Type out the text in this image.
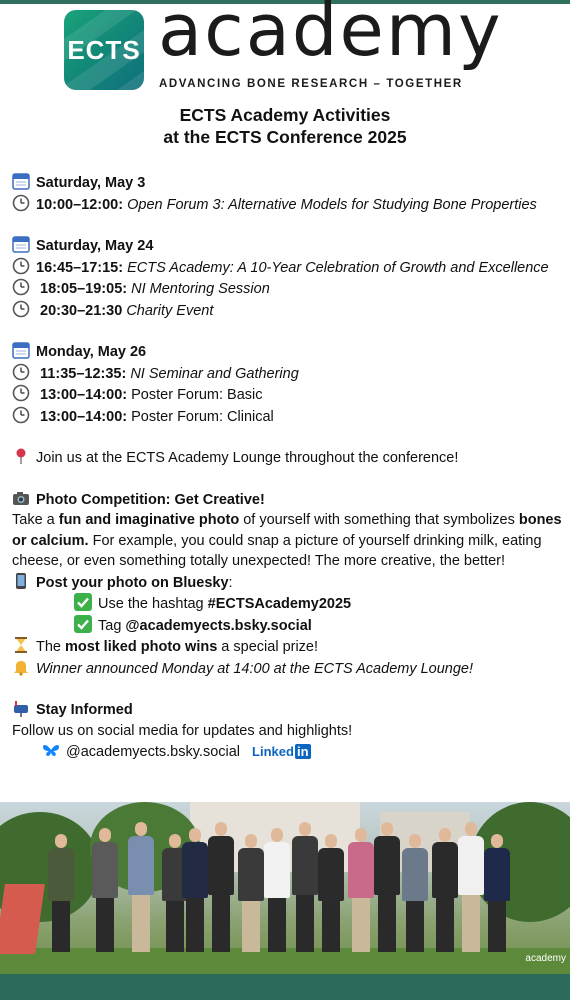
ECTS academy
ADVANCING BONE RESEARCH – TOGETHER
ECTS Academy Activities
at the ECTS Conference 2025
Saturday, May 3
10:00–12:00: Open Forum 3: Alternative Models for Studying Bone Properties
Saturday, May 24
16:45–17:15: ECTS Academy: A 10-Year Celebration of Growth and Excellence
18:05–19:05: NI Mentoring Session
20:30–21:30 Charity Event
Monday, May 26
11:35–12:35: NI Seminar and Gathering
13:00–14:00: Poster Forum: Basic
13:00–14:00: Poster Forum: Clinical
Join us at the ECTS Academy Lounge throughout the conference!
Photo Competition: Get Creative!
Take a fun and imaginative photo of yourself with something that symbolizes bones or calcium. For example, you could snap a picture of yourself drinking milk, eating cheese, or even something totally unexpected! The more creative, the better!
Post your photo on Bluesky:
Use the hashtag #ECTSAcademy2025
Tag @academyects.bsky.social
The most liked photo wins a special prize!
Winner announced Monday at 14:00 at the ECTS Academy Lounge!
Stay Informed
Follow us on social media for updates and highlights!
@academyects.bsky.social Linked in
academy
